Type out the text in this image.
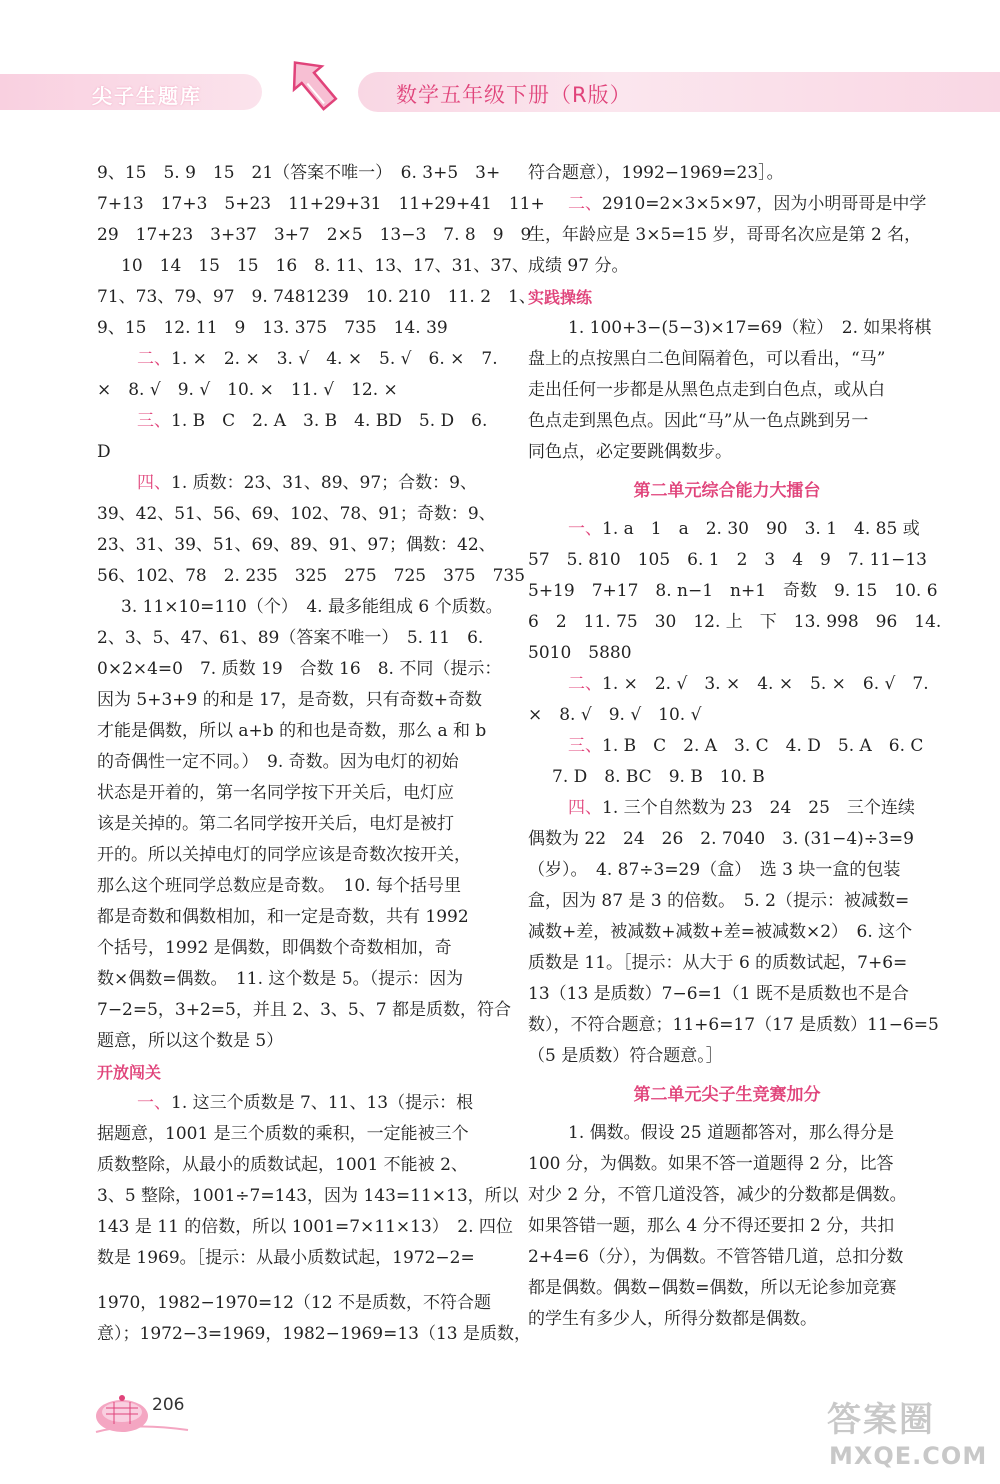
尖子生题库	数学五年级下册（R版）
9、15　5. 9　15　21（答案不唯一）　6. 3+5　3+
7+13　17+3　5+23　11+29+31　11+29+41　11+
29　17+23　3+37　3+7　2×5　13−3　7. 8　9　9
10　14　15　15　16　8. 11、13、17、31、37、
71、73、79、97　9. 7481239　10. 210　11. 2　1、
9、15　12. 11　9　13. 375　735　14. 39
二、1. ×　2. ×　3. √　4. ×　5. √　6. ×　7.
×　8. √　9. √　10. ×　11. √　12. ×
三、1. B　C　2. A　3. B　4. BD　5. D　6.
D
四、1. 质数：23、31、89、97；合数：9、
39、42、51、56、69、102、78、91；奇数：9、
23、31、39、51、69、89、91、97；偶数：42、
56、102、78　2. 235　325　275　725　375　735
3. 11×10=110（个）　4. 最多能组成 6 个质数。
2、3、5、47、61、89（答案不唯一）　5. 11　6.
0×2×4=0　7. 质数 19　合数 16　8. 不同（提示：
因为 5+3+9 的和是 17，是奇数，只有奇数+奇数
才能是偶数，所以 a+b 的和也是奇数，那么 a 和 b
的奇偶性一定不同。）　9. 奇数。因为电灯的初始
状态是开着的，第一名同学按下开关后，电灯应
该是关掉的。第二名同学按开关后，电灯是被打
开的。所以关掉电灯的同学应该是奇数次按开关，
那么这个班同学总数应是奇数。　10. 每个括号里
都是奇数和偶数相加，和一定是奇数，共有 1992
个括号，1992 是偶数，即偶数个奇数相加，奇
数×偶数=偶数。　11. 这个数是 5。（提示：因为
7−2=5，3+2=5，并且 2、3、5、7 都是质数，符合
题意，所以这个数是 5）
开放闯关
一、1. 这三个质数是 7、11、13（提示：根
据题意，1001 是三个质数的乘积，一定能被三个
质数整除，从最小的质数试起，1001 不能被 2、
3、5 整除，1001÷7=143，因为 143=11×13，所以
143 是 11 的倍数，所以 1001=7×11×13）　2. 四位
数是 1969。［提示：从最小质数试起，1972−2=
1970，1982−1970=12（12 不是质数，不符合题
意）；1972−3=1969，1982−1969=13（13 是质数，
符合题意），1992−1969=23］。
二、2910=2×3×5×97，因为小明哥哥是中学
生，年龄应是 3×5=15 岁，哥哥名次应是第 2 名，
成绩 97 分。
实践操练
1. 100+3−(5−3)×17=69（粒）　2. 如果将棋
盘上的点按黑白二色间隔着色，可以看出，“马”
走出任何一步都是从黑色点走到白色点，或从白
色点走到黑色点。因此“马”从一色点跳到另一
同色点，必定要跳偶数步。
第二单元综合能力大擂台
一、1. a　1　a　2. 30　90　3. 1　4. 85 或
57　5. 810　105　6. 1　2　3　4　9　7. 11−13
5+19　7+17　8. n−1　n+1　奇数　9. 15　10. 6
6　2　11. 75　30　12. 上　下　13. 998　96　14.
5010　5880
二、1. ×　2. √　3. ×　4. ×　5. ×　6. √　7.
×　8. √　9. √　10. √
三、1. B　C　2. A　3. C　4. D　5. A　6. C
7. D　8. BC　9. B　10. B
四、1. 三个自然数为 23　24　25　三个连续
偶数为 22　24　26　2. 7040　3. (31−4)÷3=9
（岁）。　4. 87÷3=29（盒）　选 3 块一盒的包装
盒，因为 87 是 3 的倍数。　5. 2（提示：被减数=
减数+差，被减数+减数+差=被减数×2）　6. 这个
质数是 11。［提示：从大于 6 的质数试起，7+6=
13（13 是质数）7−6=1（1 既不是质数也不是合
数），不符合题意；11+6=17（17 是质数）11−6=5
（5 是质数）符合题意。］
第二单元尖子生竞赛加分
1. 偶数。假设 25 道题都答对，那么得分是
100 分，为偶数。如果不答一道题得 2 分，比答
对少 2 分，不管几道没答，减少的分数都是偶数。
如果答错一题，那么 4 分不得还要扣 2 分，共扣
2+4=6（分），为偶数。不管答错几道，总扣分数
都是偶数。偶数−偶数=偶数，所以无论参加竞赛
的学生有多少人，所得分数都是偶数。
206	答案圈
MXQE.COM
